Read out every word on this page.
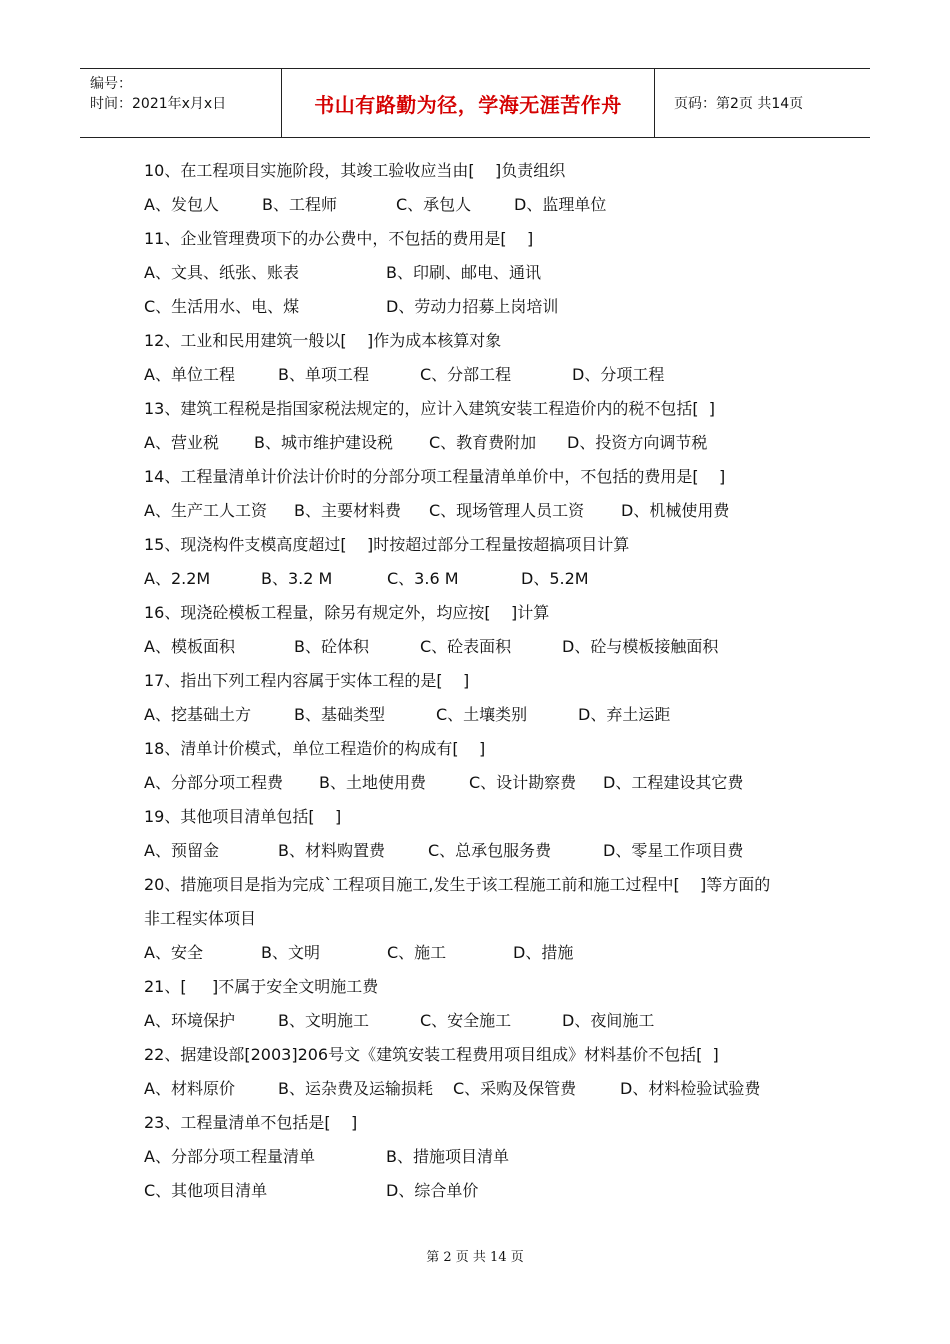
编号：
时间：2021年x月x日	书山有路勤为径，学海无涯苦作舟	页码：第2页 共14页
10、在工程项目实施阶段，其竣工验收应当由[    ]负责组织
A、发包人	B、工程师	C、承包人	D、监理单位
11、企业管理费项下的办公费中，不包括的费用是[    ]
A、文具、纸张、账表	B、印刷、邮电、通讯
C、生活用水、电、煤	D、劳动力招募上岗培训
12、工业和民用建筑一般以[    ]作为成本核算对象
A、单位工程	B、单项工程	C、分部工程	D、分项工程
13、建筑工程税是指国家税法规定的，应计入建筑安装工程造价内的税不包括[  ]
A、营业税	B、城市维护建设税	C、教育费附加	D、投资方向调节税
14、工程量清单计价法计价时的分部分项工程量清单单价中，不包括的费用是[    ]
A、生产工人工资	B、主要材料费	C、现场管理人员工资	D、机械使用费
15、现浇构件支模高度超过[    ]时按超过部分工程量按超搞项目计算
A、2.2M	B、3.2 M	C、3.6 M	D、5.2M
16、现浇砼模板工程量，除另有规定外，均应按[    ]计算
A、模板面积	B、砼体积	C、砼表面积	D、砼与模板接触面积
17、指出下列工程内容属于实体工程的是[    ]
A、挖基础土方	B、基础类型	C、土壤类别	D、弃土运距
18、清单计价模式，单位工程造价的构成有[    ]
A、分部分项工程费	B、土地使用费	C、设计勘察费	D、工程建设其它费
19、其他项目清单包括[    ]
A、预留金	B、材料购置费	C、总承包服务费	D、零星工作项目费
20、措施项目是指为完成`工程项目施工,发生于该工程施工前和施工过程中[    ]等方面的
非工程实体项目
A、安全	B、文明	C、施工	D、措施
21、[     ]不属于安全文明施工费
A、环境保护	B、文明施工	C、安全施工	D、夜间施工
22、据建设部[2003]206号文《建筑安装工程费用项目组成》材料基价不包括[  ]
A、材料原价	B、运杂费及运输损耗	C、采购及保管费	D、材料检验试验费
23、工程量清单不包括是[    ]
A、分部分项工程量清单	B、措施项目清单
C、其他项目清单	D、综合单价
第 2 页 共 14 页
